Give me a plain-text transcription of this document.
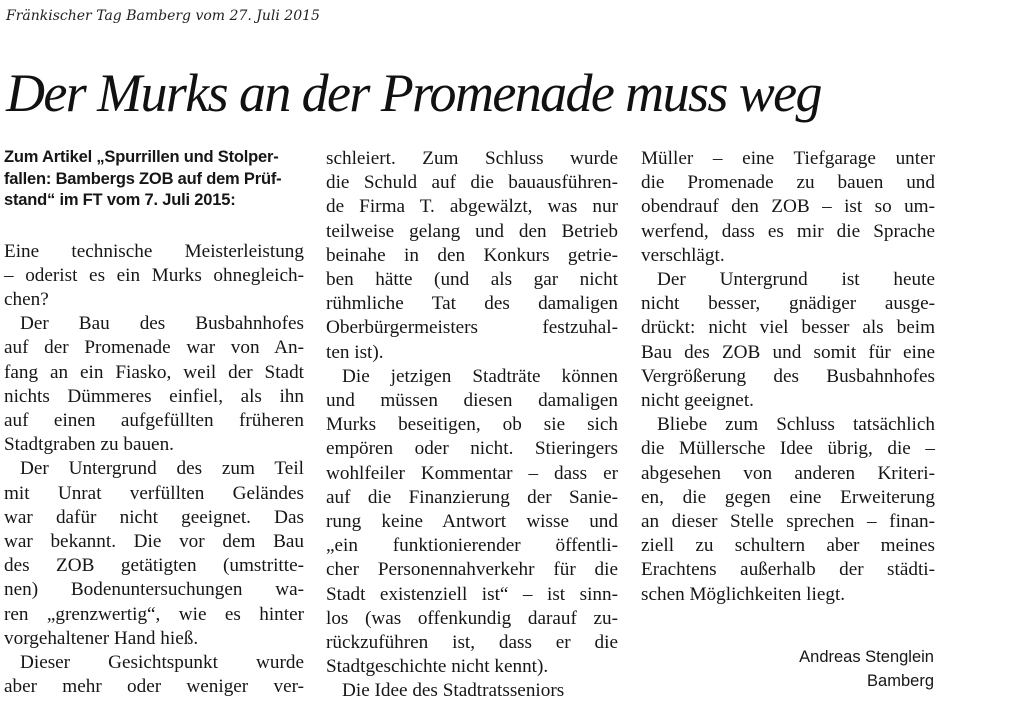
Fränkischer Tag Bamberg vom 27. Juli 2015
Der Murks an der Promenade muss weg
Zum Artikel „Spurrillen und Stolper-
fallen: Bambergs ZOB auf dem Prüf-
stand“ im FT vom 7. Juli 2015:

Eine technische Meisterleistung
– oderist es ein Murks ohnegleich-
chen?

Der Bau des Busbahnhofes
auf der Promenade war von An-
fang an ein Fiasko, weil der Stadt
nichts Dümmeres einfiel, als ihn
auf einen aufgefüllten früheren
Stadtgraben zu bauen.

Der Untergrund des zum Teil
mit Unrat verfüllten Geländes
war dafür nicht geeignet. Das
war bekannt. Die vor dem Bau
des ZOB getätigten (umstritte-
nen) Bodenuntersuchungen wa-
ren „grenzwertig“, wie es hinter
vorgehaltener Hand hieß.

Dieser Gesichtspunkt wurde
aber mehr oder weniger ver-

schleiert. Zum Schluss wurde
die Schuld auf die bauausführen-
de Firma T. abgewälzt, was nur
teilweise gelang und den Betrieb
beinahe in den Konkurs getrie-
ben hätte (und als gar nicht
rühmliche Tat des damaligen
Oberbürgermeisters festzuhal-
ten ist).

Die jetzigen Stadträte können
und müssen diesen damaligen
Murks beseitigen, ob sie sich
empören oder nicht. Stieringers
wohlfeiler Kommentar – dass er
auf die Finanzierung der Sanie-
rung keine Antwort wisse und
„ein funktionierender öffentli-
cher Personennahverkehr für die
Stadt existenziell ist“ – ist sinn-
los (was offenkundig darauf zu-
rückzuführen ist, dass er die
Stadtgeschichte nicht kennt).

Die Idee des Stadtratsseniors

Müller – eine Tiefgarage unter
die Promenade zu bauen und
obendrauf den ZOB – ist so um-
werfend, dass es mir die Sprache
verschlägt.

Der Untergrund ist heute
nicht besser, gnädiger ausge-
drückt: nicht viel besser als beim
Bau des ZOB und somit für eine
Vergrößerung des Busbahnhofes
nicht geeignet.

Bliebe zum Schluss tatsächlich
die Müllersche Idee übrig, die –
abgesehen von anderen Kriteri-
en, die gegen eine Erweiterung
an dieser Stelle sprechen – finan-
ziell zu schultern aber meines
Erachtens außerhalb der städti-
schen Möglichkeiten liegt.

Andreas Stenglein
Bamberg
